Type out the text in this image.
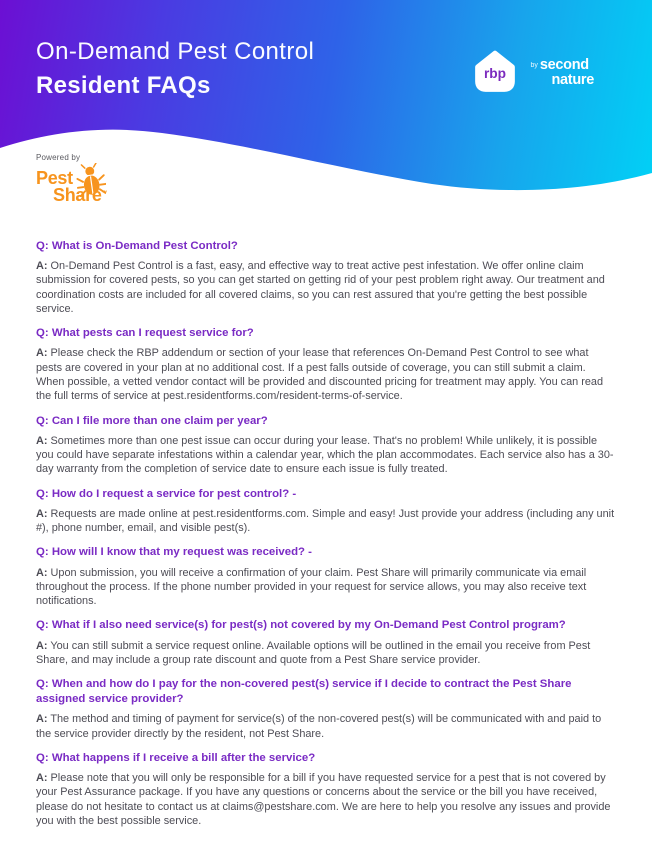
On-Demand Pest Control
Resident FAQs	rbp
by second
nature
Powered by
Pest
Share™
Q: What is On-Demand Pest Control?

A: On-Demand Pest Control is a fast, easy, and effective way to treat active pest infestation. We offer online claim submission for covered pests, so you can get started on getting rid of your pest problem right away. Our treatment and coordination costs are included for all covered claims, so you can rest assured that you're getting the best possible service.

Q: What pests can I request service for?

A: Please check the RBP addendum or section of your lease that references On-Demand Pest Control to see what pests are covered in your plan at no additional cost. If a pest falls outside of coverage, you can still submit a claim. When possible, a vetted vendor contact will be provided and discounted pricing for treatment may apply. You can read the full terms of service at pest.residentforms.com/resident-terms-of-service.

Q: Can I file more than one claim per year?

A: Sometimes more than one pest issue can occur during your lease. That's no problem! While unlikely, it is possible you could have separate infestations within a calendar year, which the plan accommodates. Each service also has a 30-day warranty from the completion of service date to ensure each issue is fully treated.

Q: How do I request a service for pest control? -

A: Requests are made online at pest.residentforms.com. Simple and easy! Just provide your address (including any unit #), phone number, email, and visible pest(s).

Q: How will I know that my request was received? -

A: Upon submission, you will receive a confirmation of your claim. Pest Share will primarily communicate via email throughout the process. If the phone number provided in your request for service allows, you may also receive text notifications.

Q: What if I also need service(s) for pest(s) not covered by my On-Demand Pest Control program?

A: You can still submit a service request online. Available options will be outlined in the email you receive from Pest Share, and may include a group rate discount and quote from a Pest Share service provider.

Q: When and how do I pay for the non-covered pest(s) service if I decide to contract the Pest Share assigned service provider?

A: The method and timing of payment for service(s) of the non-covered pest(s) will be communicated with and paid to the service provider directly by the resident, not Pest Share.

Q: What happens if I receive a bill after the service?

A: Please note that you will only be responsible for a bill if you have requested service for a pest that is not covered by your Pest Assurance package. If you have any questions or concerns about the service or the bill you have received, please do not hesitate to contact us at claims@pestshare.com. We are here to help you resolve any issues and provide you with the best possible service.
